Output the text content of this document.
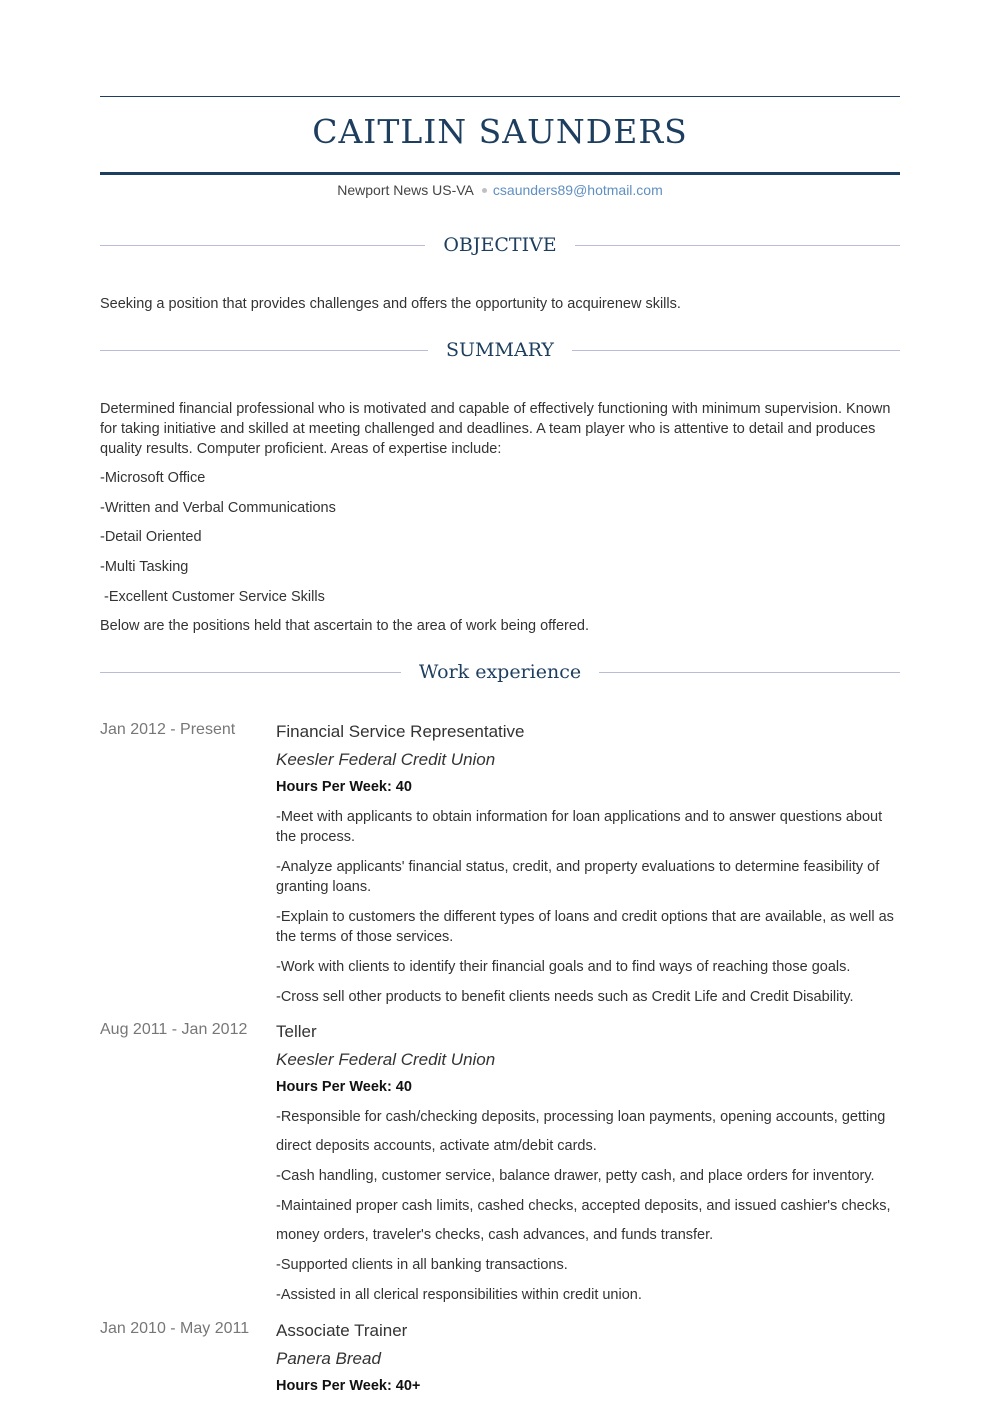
CAITLIN SAUNDERS
Newport News US-VA csaunders89@hotmail.com
OBJECTIVE

Seeking a position that provides challenges and offers the opportunity to acquirenew skills.

SUMMARY

Determined financial professional who is motivated and capable of effectively functioning with minimum supervision. Known for taking initiative and skilled at meeting challenged and deadlines. A team player who is attentive to detail and produces quality results. Computer proficient. Areas of expertise include:

-Microsoft Office

-Written and Verbal Communications

-Detail Oriented

-Multi Tasking

-Excellent Customer Service Skills

Below are the positions held that ascertain to the area of work being offered.

Work experience
Jan 2012 - Present Financial Service Representative
Keesler Federal Credit Union
Hours Per Week: 40
-Meet with applicants to obtain information for loan applications and to answer questions about the process.
-Analyze applicants' financial status, credit, and property evaluations to determine feasibility of granting loans.
-Explain to customers the different types of loans and credit options that are available, as well as the terms of those services.
-Work with clients to identify their financial goals and to find ways of reaching those goals.
-Cross sell other products to benefit clients needs such as Credit Life and Credit Disability.
Aug 2011 - Jan 2012 Teller
Keesler Federal Credit Union
Hours Per Week: 40
-Responsible for cash/checking deposits, processing loan payments, opening accounts, getting direct deposits accounts, activate atm/debit cards.
-Cash handling, customer service, balance drawer, petty cash, and place orders for inventory.
-Maintained proper cash limits, cashed checks, accepted deposits, and issued cashier's checks, money orders, traveler's checks, cash advances, and funds transfer.
-Supported clients in all banking transactions.
-Assisted in all clerical responsibilities within credit union.
Jan 2010 - May 2011 Associate Trainer
Panera Bread
Hours Per Week: 40+
